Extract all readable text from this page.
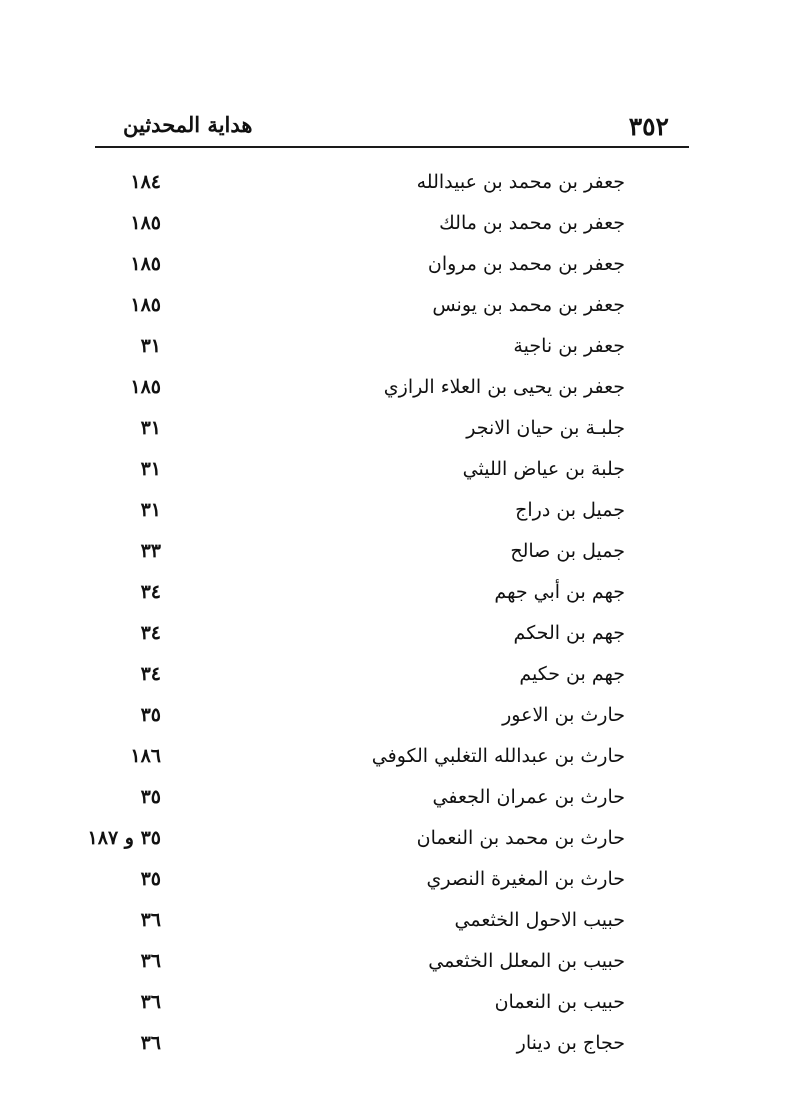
٣٥٢
هداية المحدثين
جعفر بن محمد بن عبيدالله
١٨٤
جعفر بن محمد بن مالك
١٨٥
جعفر بن محمد بن مروان
١٨٥
جعفر بن محمد بن يونس
١٨٥
جعفر بن ناجية
٣١
جعفر بن يحيى بن العلاء الرازي
١٨٥
جلبـة بن حيان الانجر
٣١
جلبة بن عياض الليثي
٣١
جميل بن دراج
٣١
جميل بن صالح
٣٣
جهم بن أبي جهم
٣٤
جهم بن الحكم
٣٤
جهم بن حكيم
٣٤
حارث بن الاعور
٣٥
حارث بن عبدالله التغلبي الكوفي
١٨٦
حارث بن عمران الجعفي
٣٥
حارث بن محمد بن النعمان
٣٥ و ١٨٧
حارث بن المغيرة النصري
٣٥
حبيب الاحول الخثعمي
٣٦
حبيب بن المعلل الخثعمي
٣٦
حبيب بن النعمان
٣٦
حجاج بن دينار
٣٦
